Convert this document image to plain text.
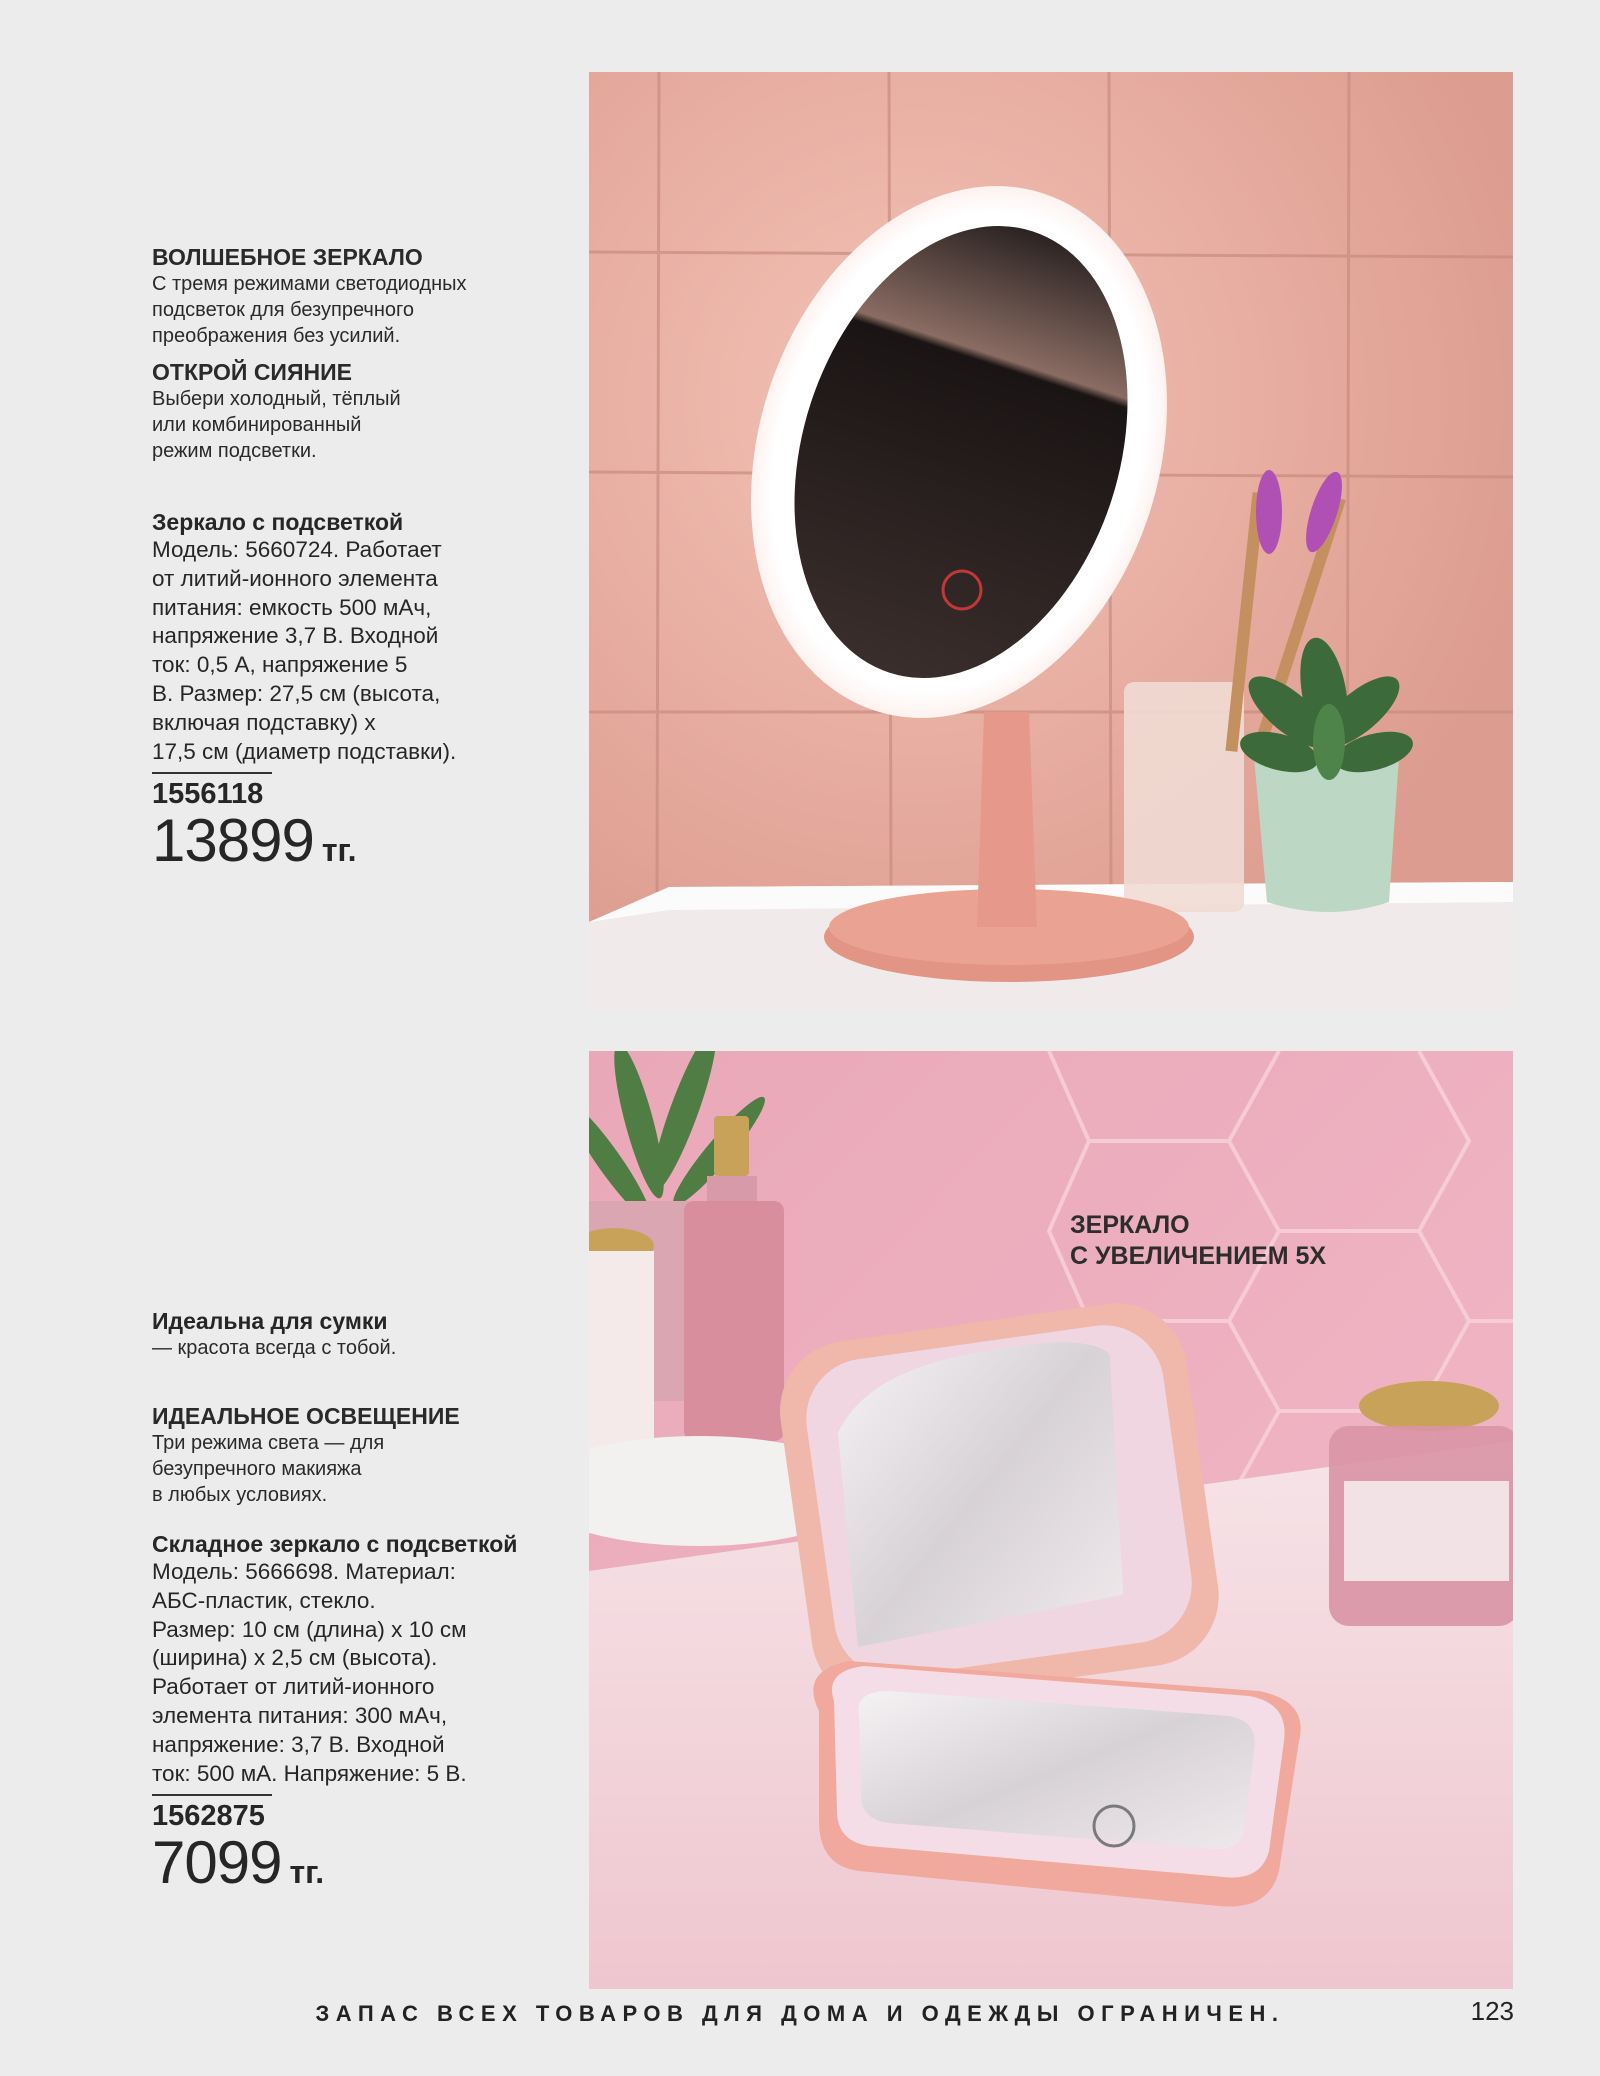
ВОЛШЕБНОЕ ЗЕРКАЛО

С тремя режимами светодиодных

подсветок для безупречного

преображения без усилий.

ОТКРОЙ СИЯНИЕ

Выбери холодный, тёплый

или комбинированный

режим подсветки.

Зеркало с подсветкой

Модель: 5660724. Работает

от литий-ионного элемента

питания: емкость 500 мАч,

напряжение 3,7 В. Входной

ток: 0,5 А, напряжение 5

В. Размер: 27,5 см (высота,

включая подставку) х

17,5 см (диаметр подставки).

1556118

13899 тг.

Идеальна для сумки

— красота всегда с тобой.

ИДЕАЛЬНОЕ ОСВЕЩЕНИЕ

Три режима света — для

безупречного макияжа

в любых условиях.

Складное зеркало с подсветкой

Модель: 5666698. Материал:

АБС-пластик, стекло.

Размер: 10 см (длина) х 10 см

(ширина) х 2,5 см (высота).

Работает от литий-ионного

элемента питания: 300 мАч,

напряжение: 3,7 В. Входной

ток: 500 мА. Напряжение: 5 В.

1562875

7099 тг.

ЗЕРКАЛО
С УВЕЛИЧЕНИЕМ 5Х

ЗАПАС ВСЕХ ТОВАРОВ ДЛЯ ДОМА И ОДЕЖДЫ ОГРАНИЧЕН.	123
